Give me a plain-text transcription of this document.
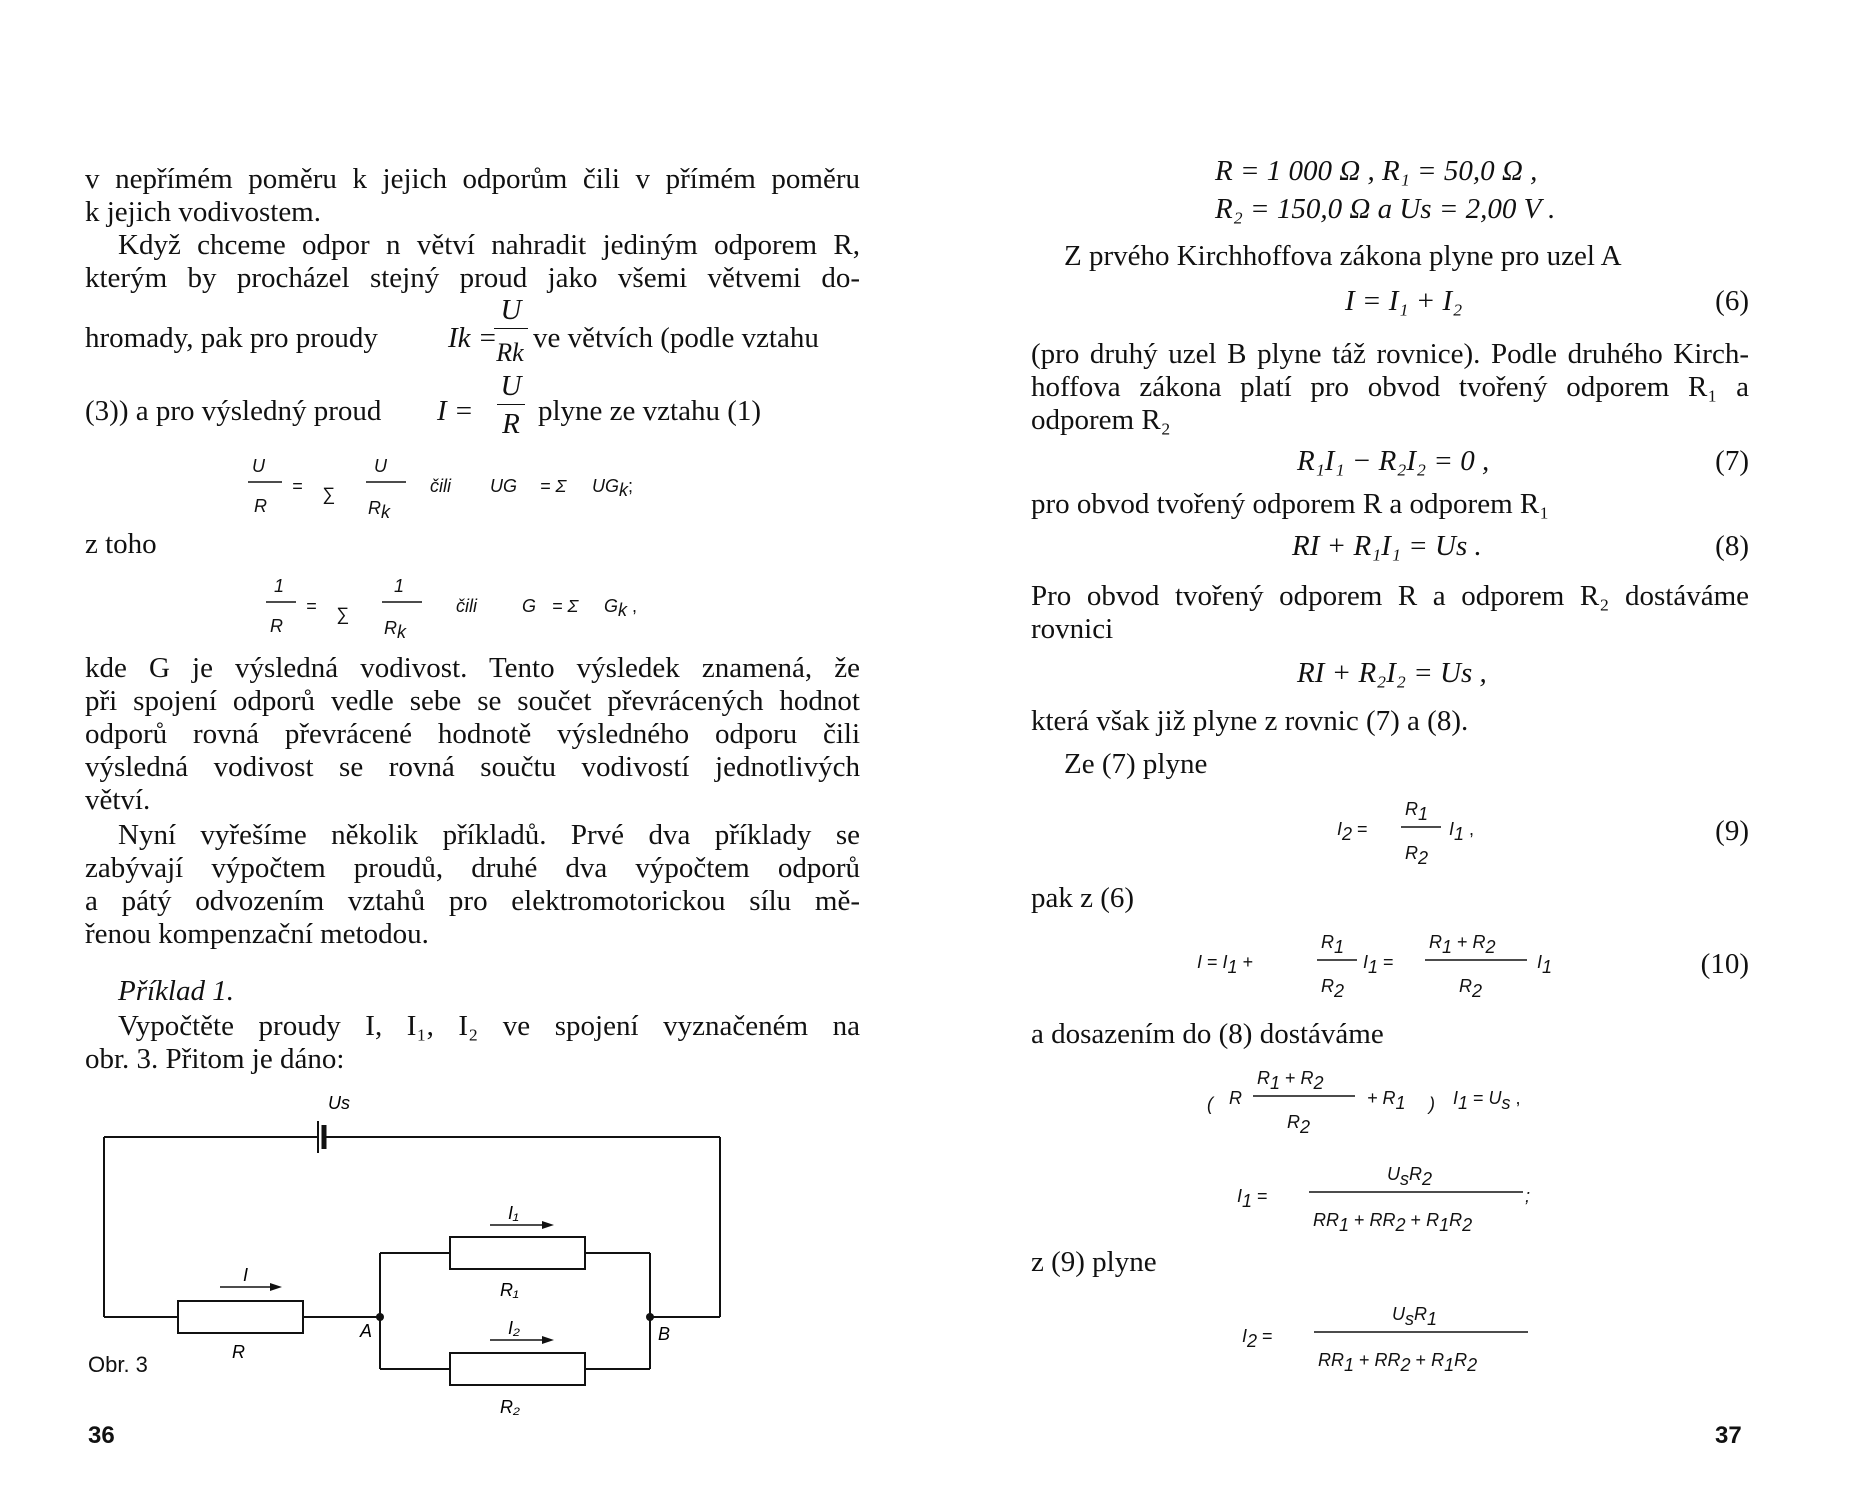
v nepřímém poměru k jejich odporům čili v přímém poměru
k jejich vodivostem.
Když chceme odpor n větví nahradit jediným odporem R,
kterým by procházel stejný proud jako všemi větvemi do-
hromady, pak pro proudy Ik =
U
Rk ve větvích (podle vztahu
(3)) a pro výsledný proud I =
U
R plyne ze vztahu (1)
U
R
= ∑
U
Rk
čili UG = Σ UGk;
z toho
1
R
= ∑
1
Rk
čili	G = Σ Gk ,
kde G je výsledná vodivost. Tento výsledek znamená, že
při spojení odporů vedle sebe se součet převrácených hodnot
odporů rovná převrácené hodnotě výsledného odporu čili
výsledná vodivost se rovná součtu vodivostí jednotlivých
větví.
Nyní vyřešíme několik příkladů. Prvé dva příklady se
zabývají výpočtem proudů, druhé dva výpočtem odporů
a pátý odvozením vztahů pro elektromotorickou sílu mě-
řenou kompenzační metodou.
Příklad 1.
Vypočtěte proudy I, I₁, I₂ ve spojení vyznačeném na
obr. 3. Přitom je dáno:
Us
I
I₁
I₂
R
R₁
R₂
A	B
Obr. 3
36
R = 1 000 Ω , R₁ = 50,0 Ω ,
R₂ = 150,0 Ω a Us = 2,00 V .
Z prvého Kirchhoffova zákona plyne pro uzel A
I = I₁ + I₂	(6)
(pro druhý uzel B plyne táž rovnice). Podle druhého Kirch-
hoffova zákona platí pro obvod tvořený odporem R₁ a
odporem R₂
R₁I₁ − R₂I₂ = 0 ,	(7)
pro obvod tvořený odporem R a odporem R₁
RI + R₁I₁ = Us .	(8)
Pro obvod tvořený odporem R a odporem R₂ dostáváme
rovnici
RI + R₂I₂ = Us ,
která však již plyne z rovnic (7) a (8).
Ze (7) plyne
I2 =
R1
R2
I1 ,	(9)
pak z (6)
I = I1 +
R1
R2
I1 =
R1 + R2
R2
I1	(10)
a dosazením do (8) dostáváme
( R
R1 + R2
R2
+ R1 ) I1 = Us ,
I1 =
UsR2
RR1 + RR2 + R1R2
;
z (9) plyne
I2 =
UsR1
RR1 + RR2 + R1R2
37
